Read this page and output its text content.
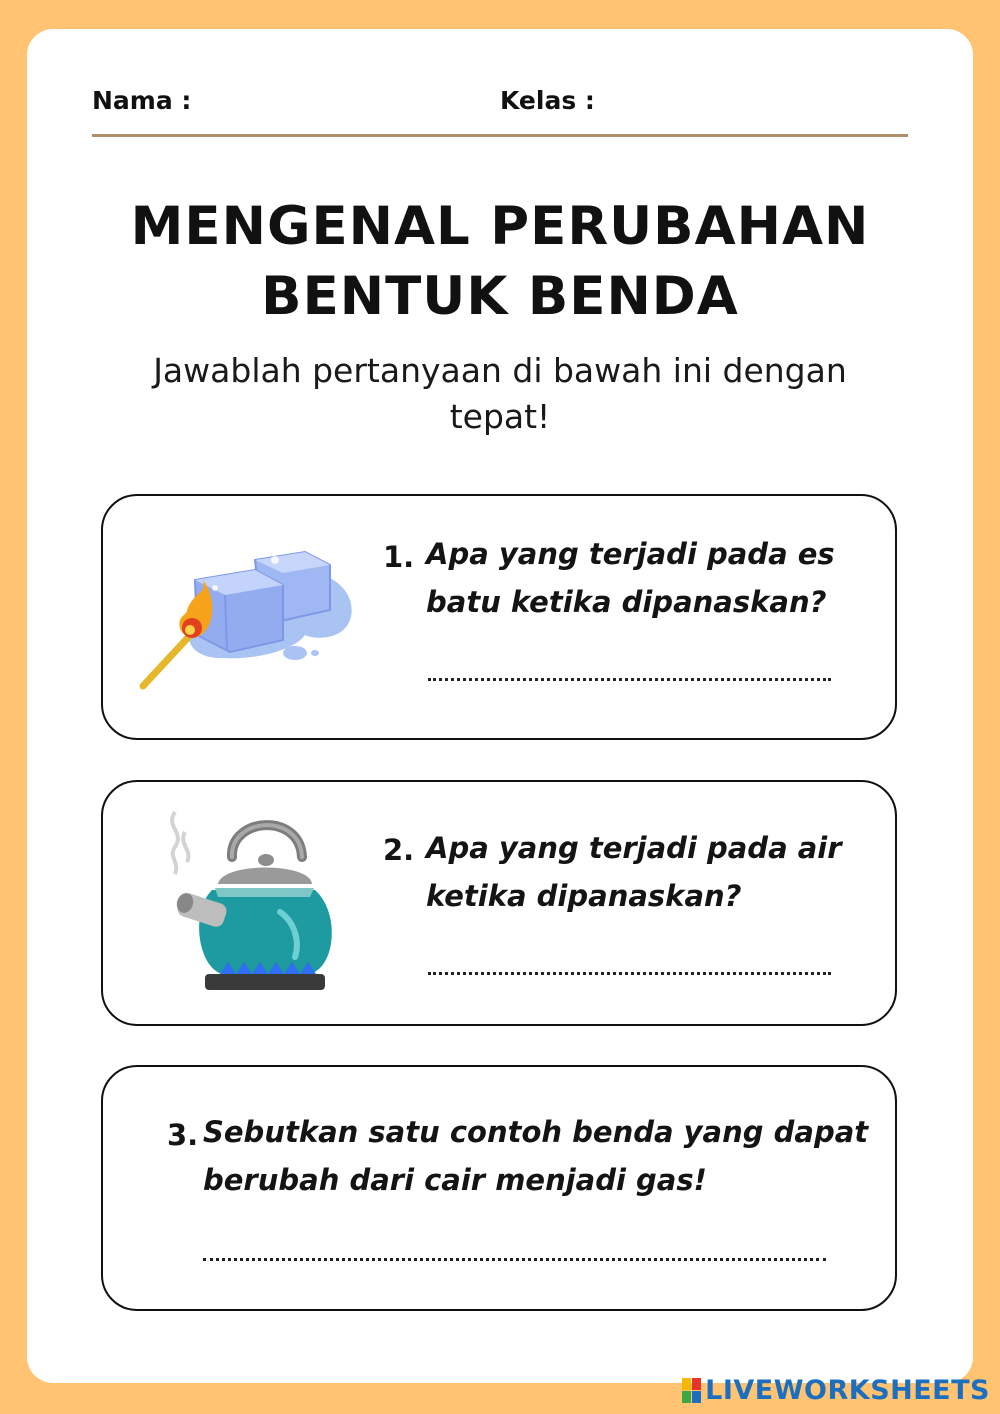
Nama :	Kelas :
MENGENAL PERUBAHAN
BENTUK BENDA
Jawablah pertanyaan di bawah ini dengan
tepat!
1. Apa yang terjadi pada es
batu ketika dipanaskan?
2. Apa yang terjadi pada air
ketika dipanaskan?
3. Sebutkan satu contoh benda yang dapat
berubah dari cair menjadi gas!
LIVEWORKSHEETS
